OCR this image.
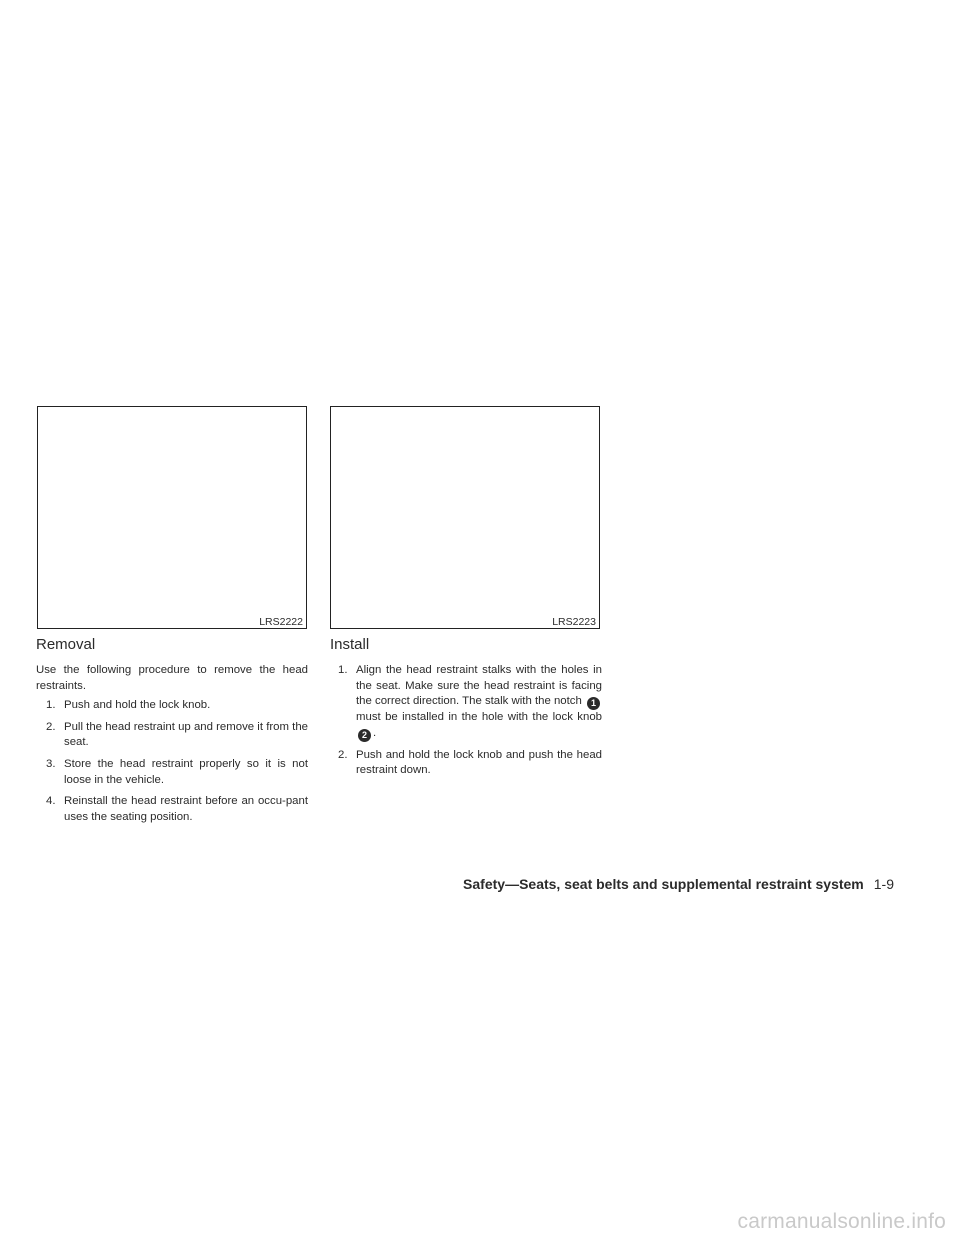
LRS2222	LRS2223
Removal

Use the following procedure to remove the head restraints.

1. Push and hold the lock knob.
2. Pull the head restraint up and remove it from the seat.
3. Store the head restraint properly so it is not loose in the vehicle.
4. Reinstall the head restraint before an occu-pant uses the seating position.
Install
1. Align the head restraint stalks with the holes in the seat. Make sure the head restraint is facing the correct direction. The stalk with the notch 1 must be installed in the hole with the lock knob 2 .
2. Push and hold the lock knob and push the head restraint down.
Safety—Seats, seat belts and supplemental restraint system 1-9
carmanualsonline.info
